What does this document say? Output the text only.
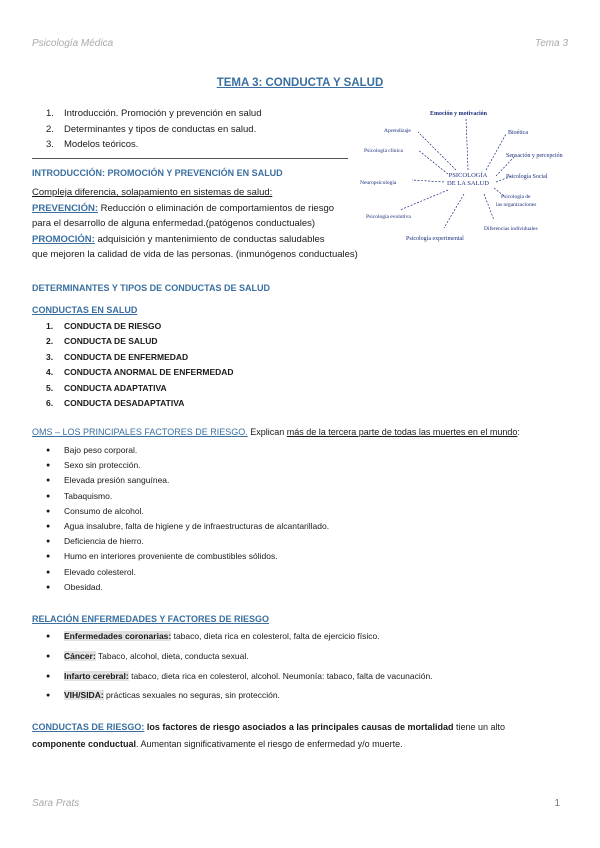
Psicología Médica	Tema 3
TEMA 3: CONDUCTA Y SALUD
1. Introducción. Promoción y prevención en salud
2. Determinantes y tipos de conductas en salud.
3. Modelos teóricos.
INTRODUCCIÓN: PROMOCIÓN Y PREVENCIÓN EN SALUD
Compleja diferencia, solapamiento en sistemas de salud:
PREVENCIÓN: Reducción o eliminación de comportamientos de riesgo
para el desarrollo de alguna enfermedad.(patógenos conductuales)
PROMOCIÓN: adquisición y mantenimiento de conductas saludables
que mejoren la calidad de vida de las personas. (inmunógenos conductuales)
PSICOLOGÍA
DE LA SALUD
Emoción y motivación
Bioética
Sensación y percepción
Psicología Social
Psicología de
las organizaciones
Diferencias individuales
Psicología experimental
Psicología clínica
Neuropsicología
Psicología evolutiva
Aprendizaje
DETERMINANTES Y TIPOS DE CONDUCTAS DE SALUD
CONDUCTAS EN SALUD
1. CONDUCTA DE RIESGO
2. CONDUCTA DE SALUD
3. CONDUCTA DE ENFERMEDAD
4. CONDUCTA ANORMAL DE ENFERMEDAD
5. CONDUCTA ADAPTATIVA
6. CONDUCTA DESADAPTATIVA
OMS – LOS PRINCIPALES FACTORES DE RIESGO. Explican más de la tercera parte de todas las muertes en el mundo:
● Bajo peso corporal.
● Sexo sin protección.
● Elevada presión sanguínea.
● Tabaquismo.
● Consumo de alcohol.
● Agua insalubre, falta de higiene y de infraestructuras de alcantarillado.
● Deficiencia de hierro.
● Humo en interiores proveniente de combustibles sólidos.
● Elevado colesterol.
● Obesidad.
RELACIÓN ENFERMEDADES Y FACTORES DE RIESGO
● Enfermedades coronarias: tabaco, dieta rica en colesterol, falta de ejercicio físico.
● Cáncer: Tabaco, alcohol, dieta, conducta sexual.
● Infarto cerebral: tabaco, dieta rica en colesterol, alcohol. Neumonía: tabaco, falta de vacunación.
● VIH/SIDA: prácticas sexuales no seguras, sin protección.
CONDUCTAS DE RIESGO: los factores de riesgo asociados a las principales causas de mortalidad tiene un alto
componente conductual. Aumentan significativamente el riesgo de enfermedad y/o muerte.
Sara Prats	1
